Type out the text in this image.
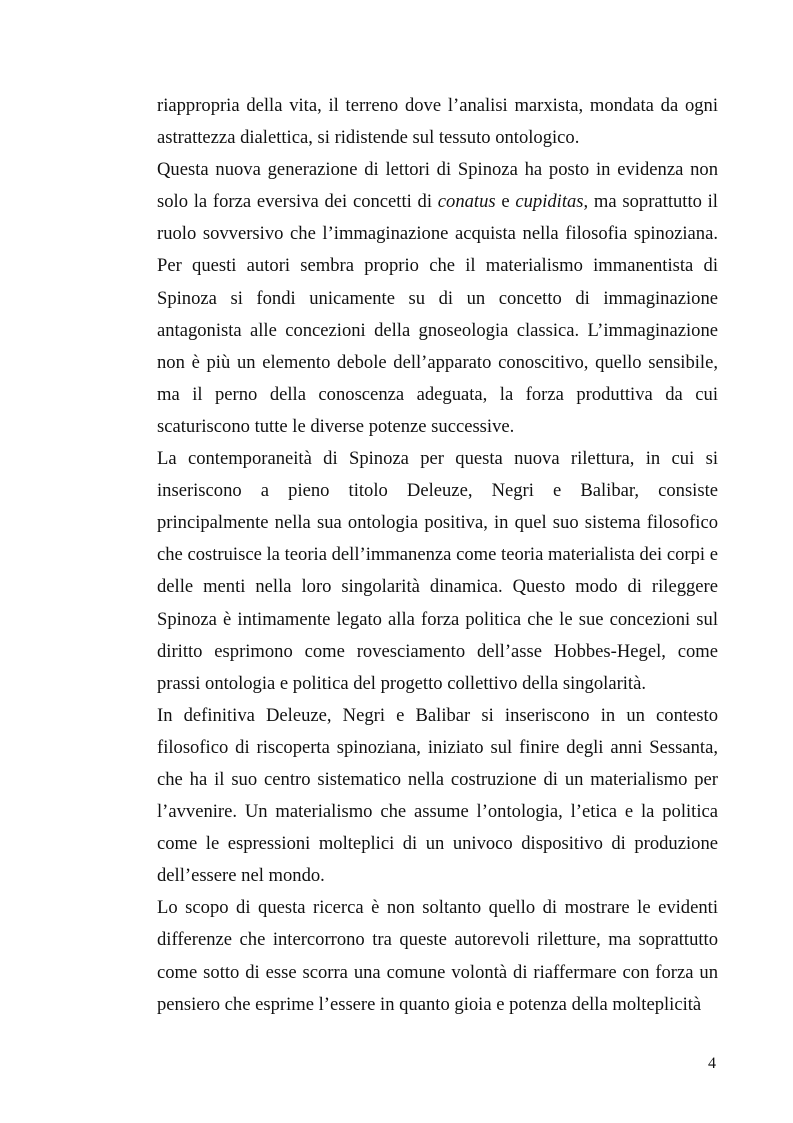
riappropria della vita, il terreno dove l’analisi marxista, mondata da ogni astrattezza dialettica, si ridistende sul tessuto ontologico.

Questa nuova generazione di lettori di Spinoza ha posto in evidenza non solo la forza eversiva dei concetti di conatus e cupiditas, ma soprattutto il ruolo sovversivo che l’immaginazione acquista nella filosofia spinoziana. Per questi autori sembra proprio che il materialismo immanentista di Spinoza si fondi unicamente su di un concetto di immaginazione antagonista alle concezioni della gnoseologia classica. L’immaginazione non è più un elemento debole dell’apparato conoscitivo, quello sensibile, ma il perno della conoscenza adeguata, la forza produttiva da cui scaturiscono tutte le diverse potenze successive.

La contemporaneità di Spinoza per questa nuova rilettura, in cui si inseriscono a pieno titolo Deleuze, Negri e Balibar, consiste principalmente nella sua ontologia positiva, in quel suo sistema filosofico che costruisce la teoria dell’immanenza come teoria materialista dei corpi e delle menti nella loro singolarità dinamica. Questo modo di rileggere Spinoza è intimamente legato alla forza politica che le sue concezioni sul diritto esprimono come rovesciamento dell’asse Hobbes-Hegel, come prassi ontologia e politica del progetto collettivo della singolarità.

In definitiva Deleuze, Negri e Balibar si inseriscono in un contesto filosofico di riscoperta spinoziana, iniziato sul finire degli anni Sessanta, che ha il suo centro sistematico nella costruzione di un materialismo per l’avvenire. Un materialismo che assume l’ontologia, l’etica e la politica come le espressioni molteplici di un univoco dispositivo di produzione dell’essere nel mondo.

Lo scopo di questa ricerca è non soltanto quello di mostrare le evidenti differenze che intercorrono tra queste autorevoli riletture, ma soprattutto come sotto di esse scorra una comune volontà di riaffermare con forza un pensiero che esprime l’essere in quanto gioia e potenza della molteplicità

4
